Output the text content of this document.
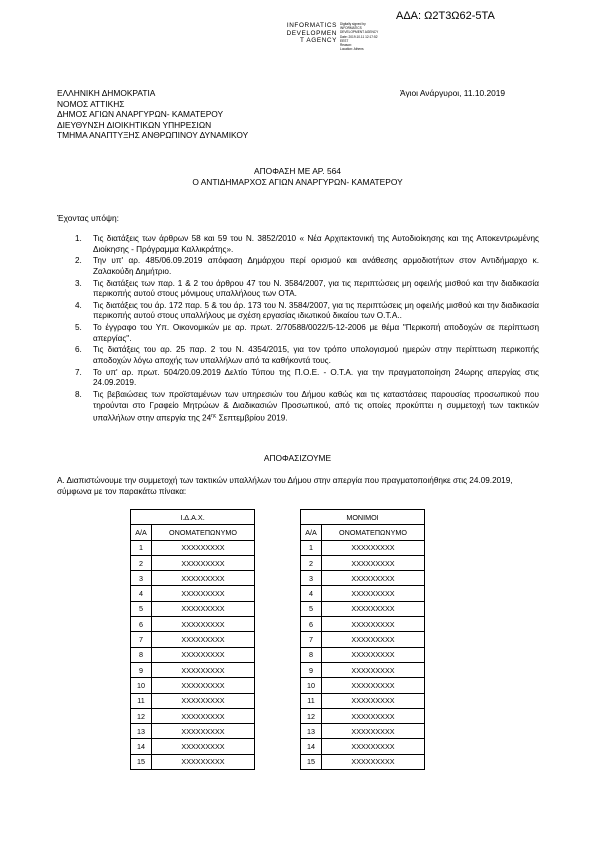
ΑΔΑ: Ω2Τ3Ω62-5ΤΑ
INFORMATICS
DEVELOPMEN
T AGENCY
Digitally signed by
INFORMATICS
DEVELOPMENT AGENCY
Date: 2019.10.11 12:17:52
EEST
Reason:
Location: Athens
ΕΛΛΗΝΙΚΗ ΔΗΜΟΚΡΑΤΙΑ
ΝΟΜΟΣ ΑΤΤΙΚΗΣ
ΔΗΜΟΣ ΑΓΙΩΝ ΑΝΑΡΓΥΡΩΝ- ΚΑΜΑΤΕΡΟΥ
ΔΙΕΥΘΥΝΣΗ ΔΙΟΙΚΗΤΙΚΩΝ ΥΠΗΡΕΣΙΩΝ
ΤΜΗΜΑ ΑΝΑΠΤΥΞΗΣ ΑΝΘΡΩΠΙΝΟΥ ΔΥΝΑΜΙΚΟΥ
Άγιοι Ανάργυροι, 11.10.2019
ΑΠΟΦΑΣΗ ΜΕ ΑΡ. 564
Ο ΑΝΤΙΔΗΜΑΡΧΟΣ ΑΓΙΩΝ ΑΝΑΡΓΥΡΩΝ- ΚΑΜΑΤΕΡΟΥ
Έχοντας υπόψη:
1. Τις διατάξεις των άρθρων 58 και 59 του Ν. 3852/2010 « Νέα Αρχιτεκτονική της Αυτοδιοίκησης και της Αποκεντρωμένης Διοίκησης - Πρόγραμμα Καλλικράτης».
2. Την υπ' αρ. 485/06.09.2019 απόφαση Δημάρχου περί ορισμού και ανάθεσης αρμοδιοτήτων στον Αντιδήμαρχο κ. Ζαλακούδη Δημήτριο.
3. Τις διατάξεις των παρ. 1 & 2 του άρθρου 47 του Ν. 3584/2007, για τις περιπτώσεις μη οφειλής μισθού και την διαδικασία περικοπής αυτού στους μόνιμους υπαλλήλους των ΟΤΑ.
4. Τις διατάξεις του άρ. 172 παρ. 5 & του άρ. 173 του Ν. 3584/2007, για τις περιπτώσεις μη οφειλής μισθού και την διαδικασία περικοπής αυτού στους υπαλλήλους με σχέση εργασίας ιδιωτικού δικαίου των Ο.Τ.Α..
5. Το έγγραφο του Υπ. Οικονομικών με αρ. πρωτ. 2/70588/0022/5-12-2006 με θέμα "Περικοπή αποδοχών σε περίπτωση απεργίας".
6. Τις διατάξεις του αρ. 25 παρ. 2 του Ν. 4354/2015, για τον τρόπο υπολογισμού ημερών στην περίπτωση περικοπής αποδοχών λόγω αποχής των υπαλλήλων από τα καθήκοντά τους.
7. Το υπ' αρ. πρωτ. 504/20.09.2019 Δελτίο Τύπου της Π.Ο.Ε. - Ο.Τ.Α. για την πραγματοποίηση 24ωρης απεργίας στις 24.09.2019.
8. Τις βεβαιώσεις των προϊσταμένων των υπηρεσιών του Δήμου καθώς και τις καταστάσεις παρουσίας προσωπικού που τηρούνται στο Γραφείο Μητρώων & Διαδικασιών Προσωπικού, από τις οποίες προκύπτει η συμμετοχή των τακτικών υπαλλήλων στην απεργία της $24^{\eta\varsigma}$ Σεπτεμβρίου 2019.
ΑΠΟΦΑΣΙΖΟΥΜΕ
Α. Διαπιστώνουμε την συμμετοχή των τακτικών υπαλλήλων του Δήμου στην απεργία που πραγματοποιήθηκε στις 24.09.2019, σύμφωνα με τον παρακάτω πίνακα:
Ι.Δ.Α.Χ.	
Α/Α	ΟΝΟΜΑΤΕΠΩΝΥΜΟ
1	ΧΧΧΧΧΧΧΧΧ
2	ΧΧΧΧΧΧΧΧΧ
3	ΧΧΧΧΧΧΧΧΧ
4	ΧΧΧΧΧΧΧΧΧ
5	ΧΧΧΧΧΧΧΧΧ
6	ΧΧΧΧΧΧΧΧΧ
7	ΧΧΧΧΧΧΧΧΧ
8	ΧΧΧΧΧΧΧΧΧ
9	ΧΧΧΧΧΧΧΧΧ
10	ΧΧΧΧΧΧΧΧΧ
11	ΧΧΧΧΧΧΧΧΧ
12	ΧΧΧΧΧΧΧΧΧ
13	ΧΧΧΧΧΧΧΧΧ
14	ΧΧΧΧΧΧΧΧΧ
15	ΧΧΧΧΧΧΧΧΧ
ΜΟΝΙΜΟΙ	
Α/Α	ΟΝΟΜΑΤΕΠΩΝΥΜΟ
1	ΧΧΧΧΧΧΧΧΧ
2	ΧΧΧΧΧΧΧΧΧ
3	ΧΧΧΧΧΧΧΧΧ
4	ΧΧΧΧΧΧΧΧΧ
5	ΧΧΧΧΧΧΧΧΧ
6	ΧΧΧΧΧΧΧΧΧ
7	ΧΧΧΧΧΧΧΧΧ
8	ΧΧΧΧΧΧΧΧΧ
9	ΧΧΧΧΧΧΧΧΧ
10	ΧΧΧΧΧΧΧΧΧ
11	ΧΧΧΧΧΧΧΧΧ
12	ΧΧΧΧΧΧΧΧΧ
13	ΧΧΧΧΧΧΧΧΧ
14	ΧΧΧΧΧΧΧΧΧ
15	ΧΧΧΧΧΧΧΧΧ
